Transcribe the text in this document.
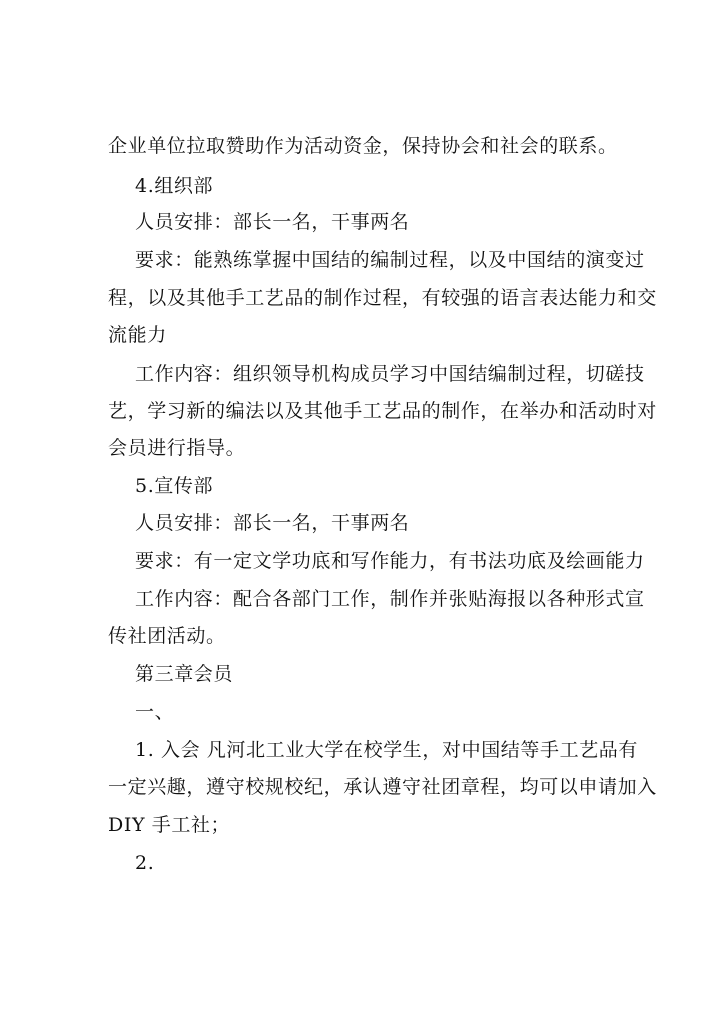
企业单位拉取赞助作为活动资金，保持协会和社会的联系。
4.组织部
人员安排：部长一名，干事两名
要求：能熟练掌握中国结的编制过程，以及中国结的演变过
程，以及其他手工艺品的制作过程，有较强的语言表达能力和交
流能力
工作内容：组织领导机构成员学习中国结编制过程，切磋技
艺，学习新的编法以及其他手工艺品的制作，在举办和活动时对
会员进行指导。
5.宣传部
人员安排：部长一名，干事两名
要求：有一定文学功底和写作能力，有书法功底及绘画能力
工作内容：配合各部门工作，制作并张贴海报以各种形式宣
传社团活动。
第三章会员
一、
1. 入会 凡河北工业大学在校学生，对中国结等手工艺品有
一定兴趣，遵守校规校纪，承认遵守社团章程，均可以申请加入
DIY 手工社；
2.
